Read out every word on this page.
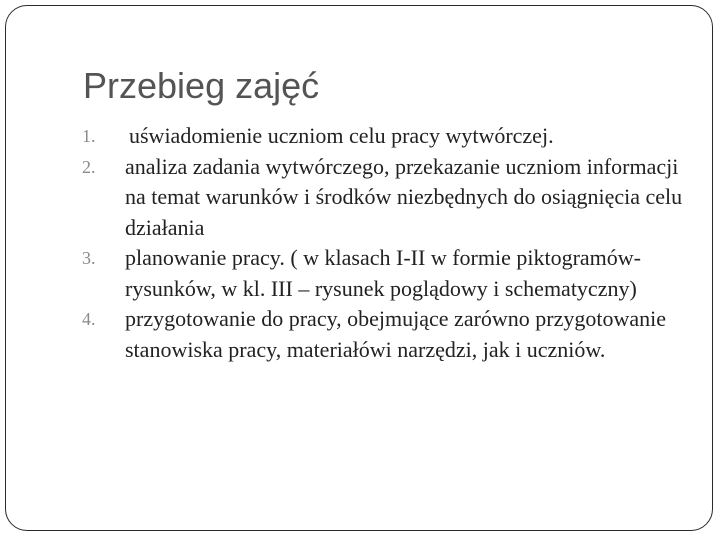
Przebieg zajęć
1. uświadomienie uczniom celu pracy wytwórczej.
2. analiza zadania wytwórczego, przekazanie uczniom informacji na temat warunków i środków niezbędnych do osiągnięcia celu działania
3. planowanie pracy. ( w klasach I-II w formie piktogramów- rysunków, w kl. III – rysunek poglądowy i schematyczny)
4. przygotowanie do pracy, obejmujące zarówno przygotowanie stanowiska pracy, materiałówi narzędzi, jak i uczniów.
